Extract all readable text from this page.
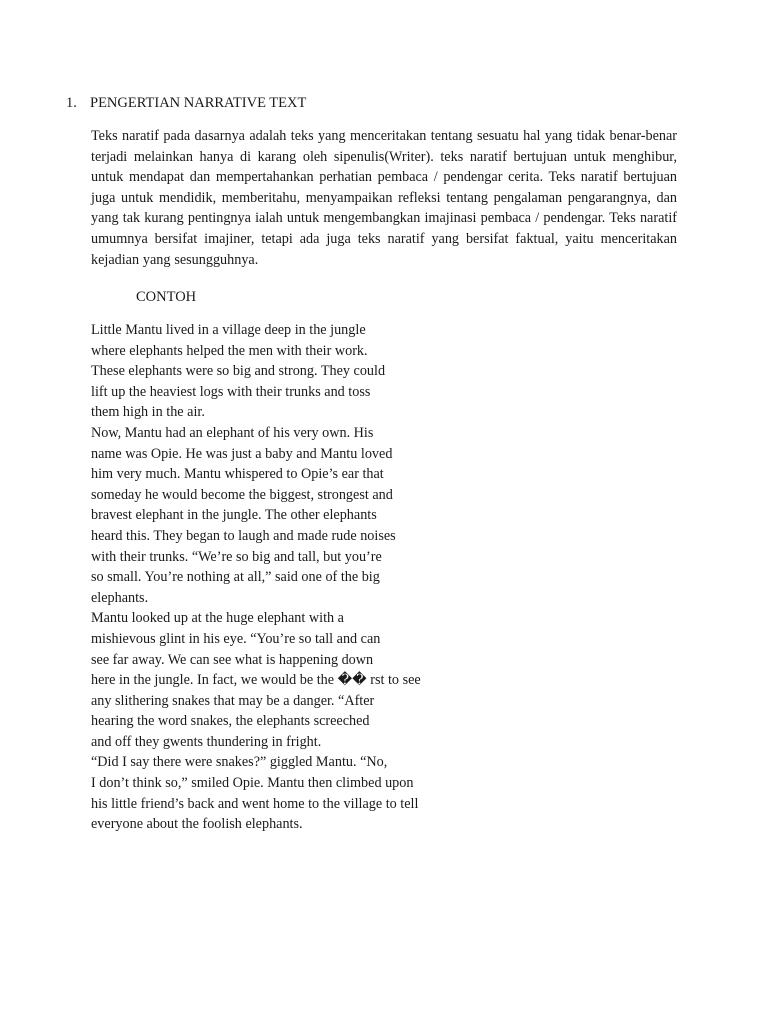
1. PENGERTIAN NARRATIVE TEXT
Teks naratif pada dasarnya adalah teks yang menceritakan tentang sesuatu hal yang tidak benar-benar terjadi melainkan hanya di karang oleh sipenulis(Writer). teks naratif bertujuan untuk menghibur, untuk mendapat dan mempertahankan perhatian pembaca / pendengar cerita. Teks naratif bertujuan juga untuk mendidik, memberitahu, menyampaikan refleksi tentang pengalaman pengarangnya, dan yang tak kurang pentingnya ialah untuk mengembangkan imajinasi pembaca / pendengar. Teks naratif umumnya bersifat imajiner, tetapi ada juga teks naratif yang bersifat faktual, yaitu menceritakan kejadian yang sesungguhnya.
CONTOH
Little Mantu lived in a village deep in the jungle
where elephants helped the men with their work.
These elephants were so big and strong. They could
lift up the heaviest logs with their trunks and toss
them high in the air.
Now, Mantu had an elephant of his very own. His
name was Opie. He was just a baby and Mantu loved
him very much. Mantu whispered to Opie’s ear that
someday he would become the biggest, strongest and
bravest elephant in the jungle. The other elephants
heard this. They began to laugh and made rude noises
with their trunks. “We’re so big and tall, but you’re
so small. You’re nothing at all,” said one of the big
elephants.
Mantu looked up at the huge elephant with a
mishievous glint in his eye. “You’re so tall and can
see far away. We can see what is happening down
here in the jungle. In fact, we would be the �� rst to see
any slithering snakes that may be a danger. “After
hearing the word snakes, the elephants screeched
and off they gwents thundering in fright.
“Did I say there were snakes?” giggled Mantu. “No,
I don’t think so,” smiled Opie. Mantu then climbed upon
his little friend’s back and went home to the village to tell
everyone about the foolish elephants.
